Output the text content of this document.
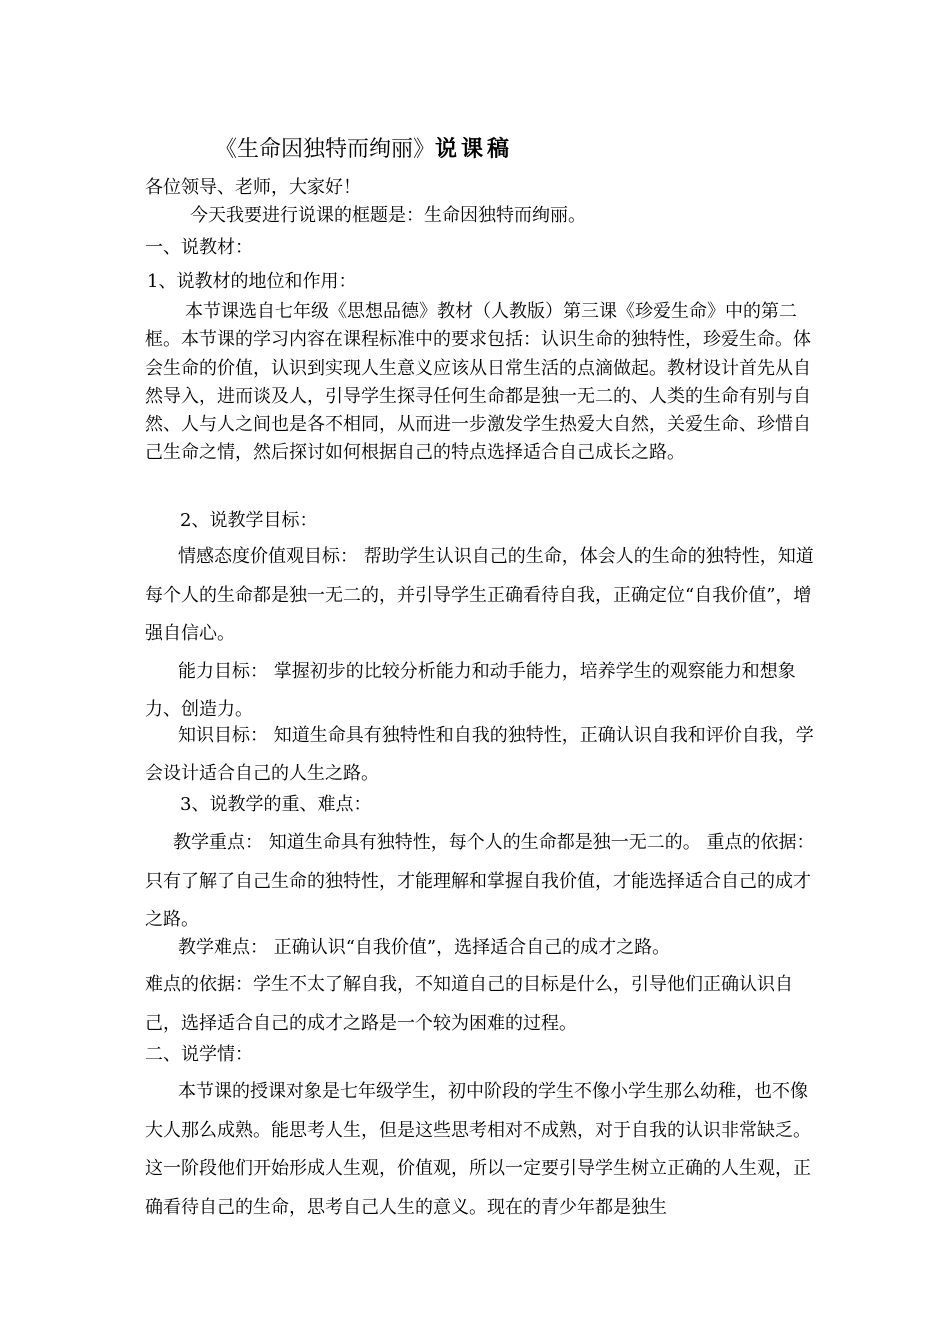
《生命因独特而绚丽》说课稿
各位领导、老师，大家好！
今天我要进行说课的框题是：生命因独特而绚丽。
一、说教材：
1、说教材的地位和作用：
本节课选自七年级《思想品德》教材（人教版）第三课《珍爱生命》中的第二框。本节课的学习内容在课程标准中的要求包括：认识生命的独特性，珍爱生命。体会生命的价值，认识到实现人生意义应该从日常生活的点滴做起。教材设计首先从自然导入，进而谈及人，引导学生探寻任何生命都是独一无二的、人类的生命有别与自然、人与人之间也是各不相同，从而进一步激发学生热爱大自然，关爱生命、珍惜自己生命之情，然后探讨如何根据自己的特点选择适合自己成长之路。
2、说教学目标：
情感态度价值观目标： 帮助学生认识自己的生命，体会人的生命的独特性，知道每个人的生命都是独一无二的，并引导学生正确看待自我，正确定位“自我价值”，增强自信心。
能力目标： 掌握初步的比较分析能力和动手能力，培养学生的观察能力和想象力、创造力。
知识目标： 知道生命具有独特性和自我的独特性，正确认识自我和评价自我，学会设计适合自己的人生之路。
3、说教学的重、难点：
教学重点： 知道生命具有独特性，每个人的生命都是独一无二的。 重点的依据：只有了解了自己生命的独特性，才能理解和掌握自我价值，才能选择适合自己的成才之路。
教学难点： 正确认识“自我价值”，选择适合自己的成才之路。
难点的依据：学生不太了解自我，不知道自己的目标是什么，引导他们正确认识自己，选择适合自己的成才之路是一个较为困难的过程。
二、说学情：
本节课的授课对象是七年级学生，初中阶段的学生不像小学生那么幼稚，也不像大人那么成熟。能思考人生，但是这些思考相对不成熟，对于自我的认识非常缺乏。这一阶段他们开始形成人生观，价值观，所以一定要引导学生树立正确的人生观，正确看待自己的生命，思考自己人生的意义。现在的青少年都是独生
